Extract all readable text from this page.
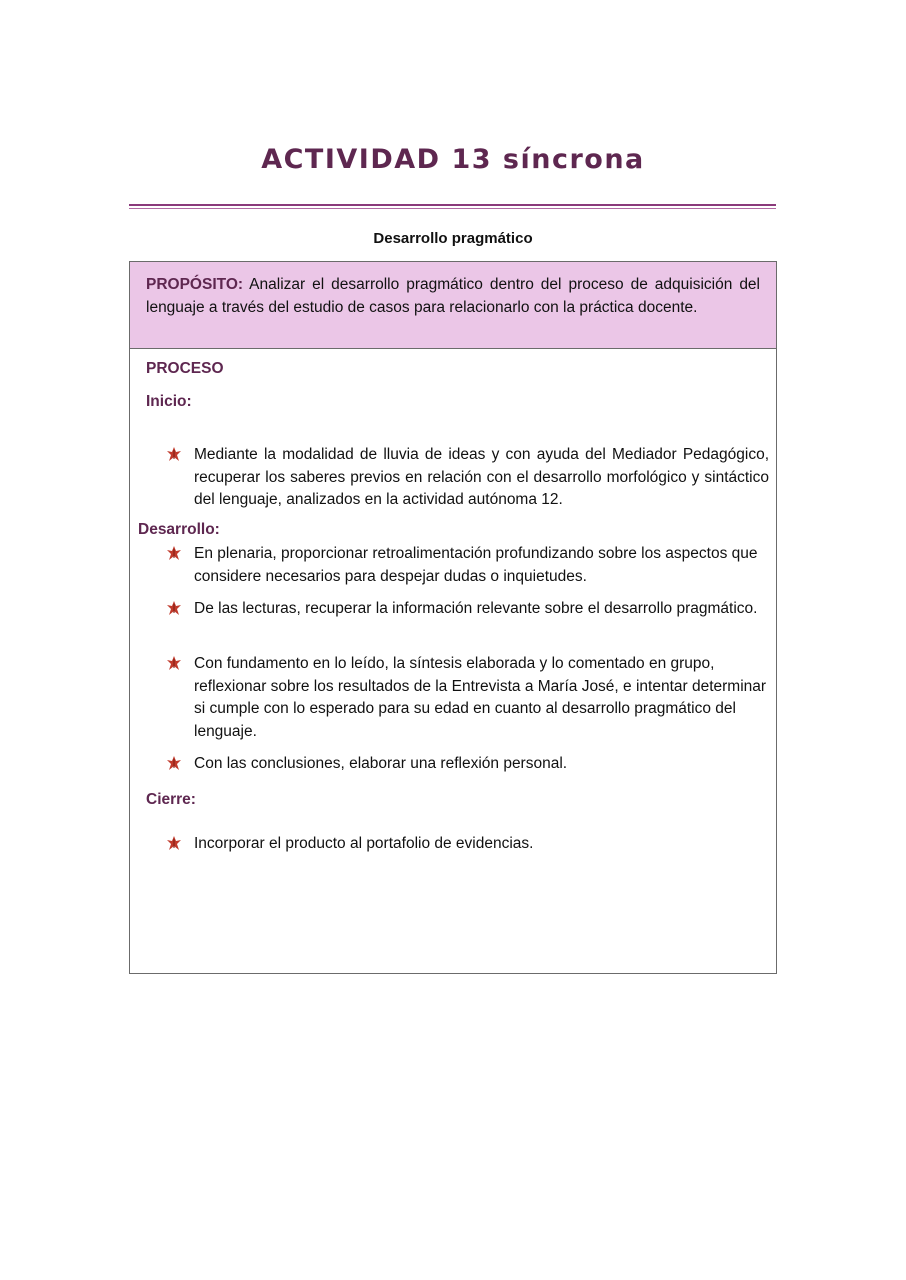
ACTIVIDAD 13 síncrona
Desarrollo pragmático

PROPÓSITO: Analizar el desarrollo pragmático dentro del proceso de adquisición del lenguaje a través del estudio de casos para relacionarlo con la práctica docente.

PROCESO
Inicio:
Mediante la modalidad de lluvia de ideas y con ayuda del Mediador Pedagógico, recuperar los saberes previos en relación con el desarrollo morfológico y sintáctico del lenguaje, analizados en la actividad autónoma 12.
Desarrollo:
En plenaria, proporcionar retroalimentación profundizando sobre los aspectos que considere necesarios para despejar dudas o inquietudes.
De las lecturas, recuperar la información relevante sobre el desarrollo pragmático.
Con fundamento en lo leído, la síntesis elaborada y lo comentado en grupo, reflexionar sobre los resultados de la Entrevista a María José, e intentar determinar si cumple con lo esperado para su edad en cuanto al desarrollo pragmático del lenguaje.
Con las conclusiones, elaborar una reflexión personal.
Cierre:
Incorporar el producto al portafolio de evidencias.
